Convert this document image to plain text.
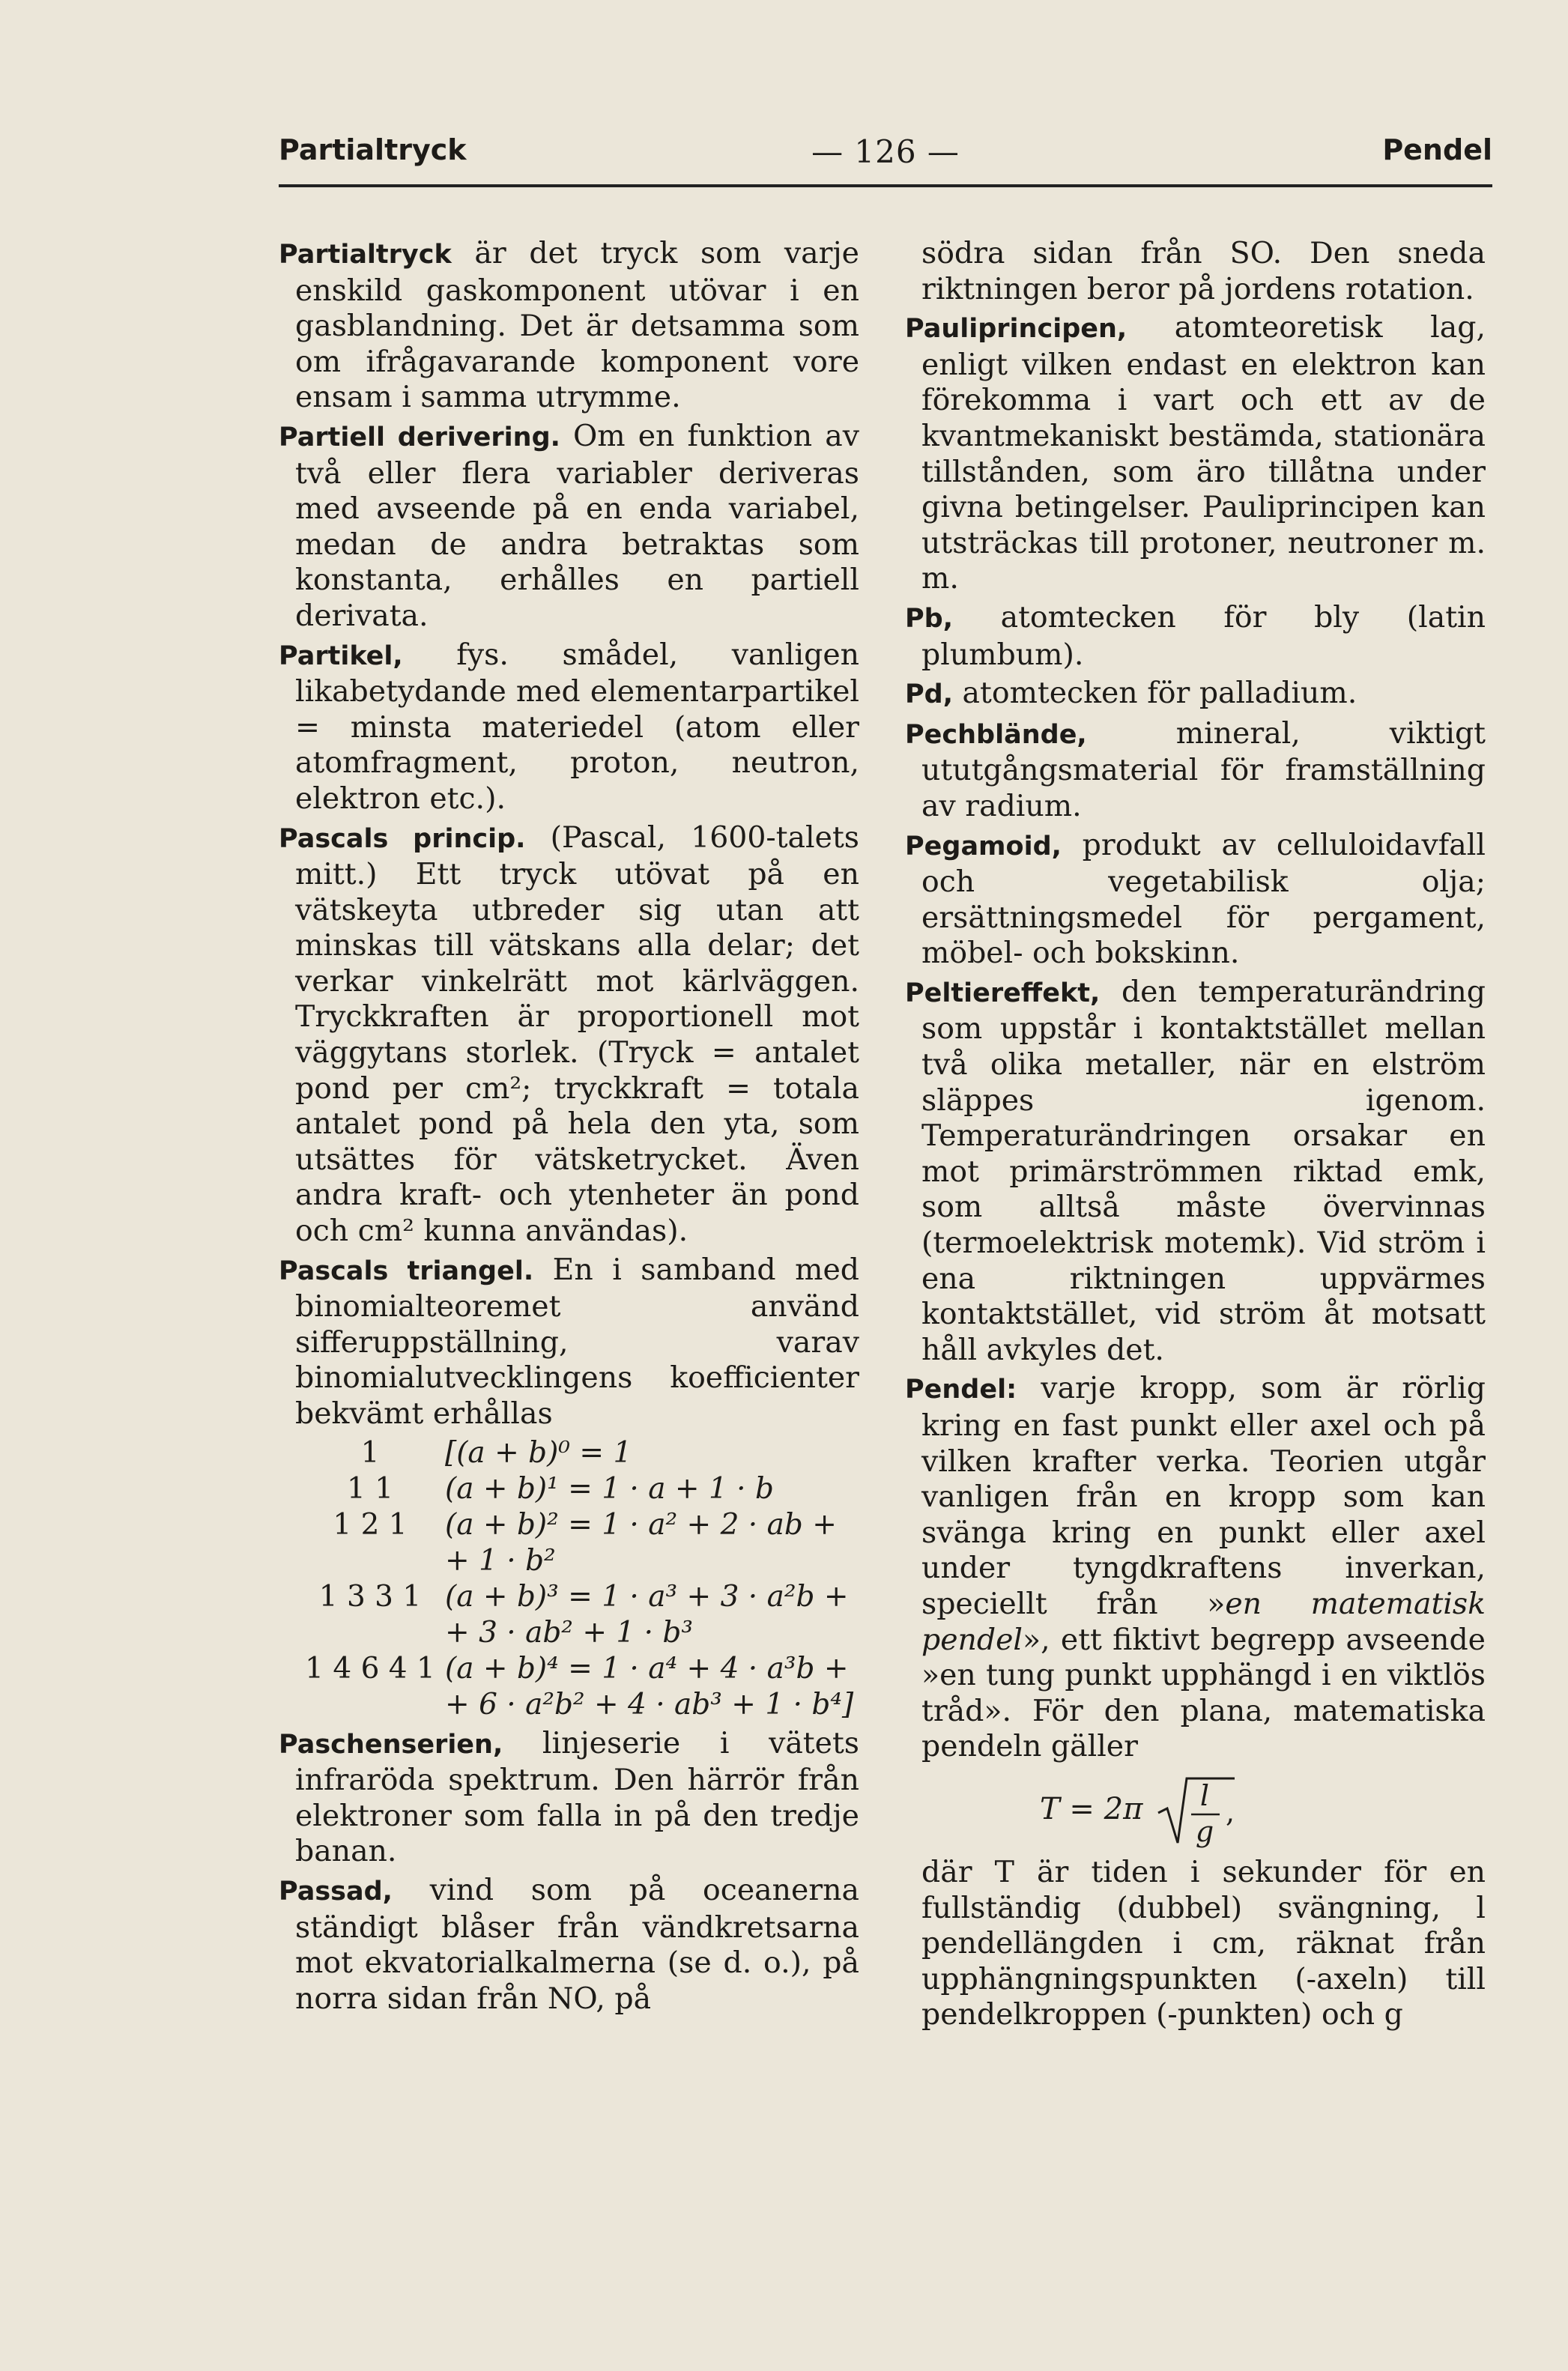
Partialtryck	— 126 —	Pendel

Partialtryck är det tryck som varje enskild gaskomponent utövar i en gasblandning. Det är detsamma som om ifrågavarande komponent vore ensam i samma utrymme.

Partiell derivering. Om en funktion av två eller flera variabler deriveras med avseende på en enda variabel, medan de andra betraktas som konstanta, erhålles en partiell derivata.

Partikel, fys. smådel, vanligen likabetydande med elementarpartikel = minsta materiedel (atom eller atomfragment, proton, neutron, elektron etc.).

Pascals princip. (Pascal, 1600-talets mitt.) Ett tryck utövat på en vätskeyta utbreder sig utan att minskas till vätskans alla delar; det verkar vinkelrätt mot kärlväggen. Tryckkraften är proportionell mot väggytans storlek. (Tryck = antalet pond per cm²; tryckkraft = totala antalet pond på hela den yta, som utsättes för vätsketrycket. Även andra kraft- och ytenheter än pond och cm² kunna användas).

Pascals triangel. En i samband med binomialteoremet använd sifferuppställning, varav binomialutvecklingens koefficienter bekvämt erhållas

1	[(a + b)⁰ = 1
1 1	(a + b)¹ = 1 · a + 1 · b
1 2 1	(a + b)² = 1 · a² + 2 · ab +
+ 1 · b²
1 3 3 1 (a + b)³ = 1 · a³ + 3 · a²b +
+ 3 · ab² + 1 · b³
1 4 6 4 1 (a + b)⁴ = 1 · a⁴ + 4 · a³b +
+ 6 · a²b² + 4 · ab³ + 1 · b⁴]

Paschenserien, linjeserie i vätets infraröda spektrum. Den härrör från elektroner som falla in på den tredje banan.

Passad, vind som på oceanerna ständigt blåser från vändkretsarna mot ekvatorialkalmerna (se d. o.), på norra sidan från NO, på

södra sidan från SO. Den sneda riktningen beror på jordens rotation.

Pauliprincipen, atomteoretisk lag, enligt vilken endast en elektron kan förekomma i vart och ett av de kvantmekaniskt bestämda, stationära tillstånden, som äro tillåtna under givna betingelser. Pauliprincipen kan utsträckas till protoner, neutroner m. m.

Pb, atomtecken för bly (latin plumbum).

Pd, atomtecken för palladium.

Pechblände, mineral, viktigt ututgångsmaterial för framställning av radium.

Pegamoid, produkt av celluloidavfall och vegetabilisk olja; ersättningsmedel för pergament, möbel- och bokskinn.

Peltiereffekt, den temperaturändring som uppstår i kontaktstället mellan två olika metaller, när en elström släppes igenom. Temperaturändringen orsakar en mot primärströmmen riktad emk, som alltså måste övervinnas (termoelektrisk motemk). Vid ström i ena riktningen uppvärmes kontaktstället, vid ström åt motsatt håll avkyles det.

Pendel: varje kropp, som är rörlig kring en fast punkt eller axel och på vilken krafter verka. Teorien utgår vanligen från en kropp som kan svänga kring en punkt eller axel under tyngdkraftens inverkan, speciellt från »en matematisk pendel», ett fiktivt begrepp avseende »en tung punkt upphängd i en viktlös tråd». För den plana, matematiska pendeln gäller

T = 2π l
g
,

där T är tiden i sekunder för en fullständig (dubbel) svängning, l pendellängden i cm, räknat från upphängningspunkten (-axeln) till pendelkroppen (-punkten) och g
